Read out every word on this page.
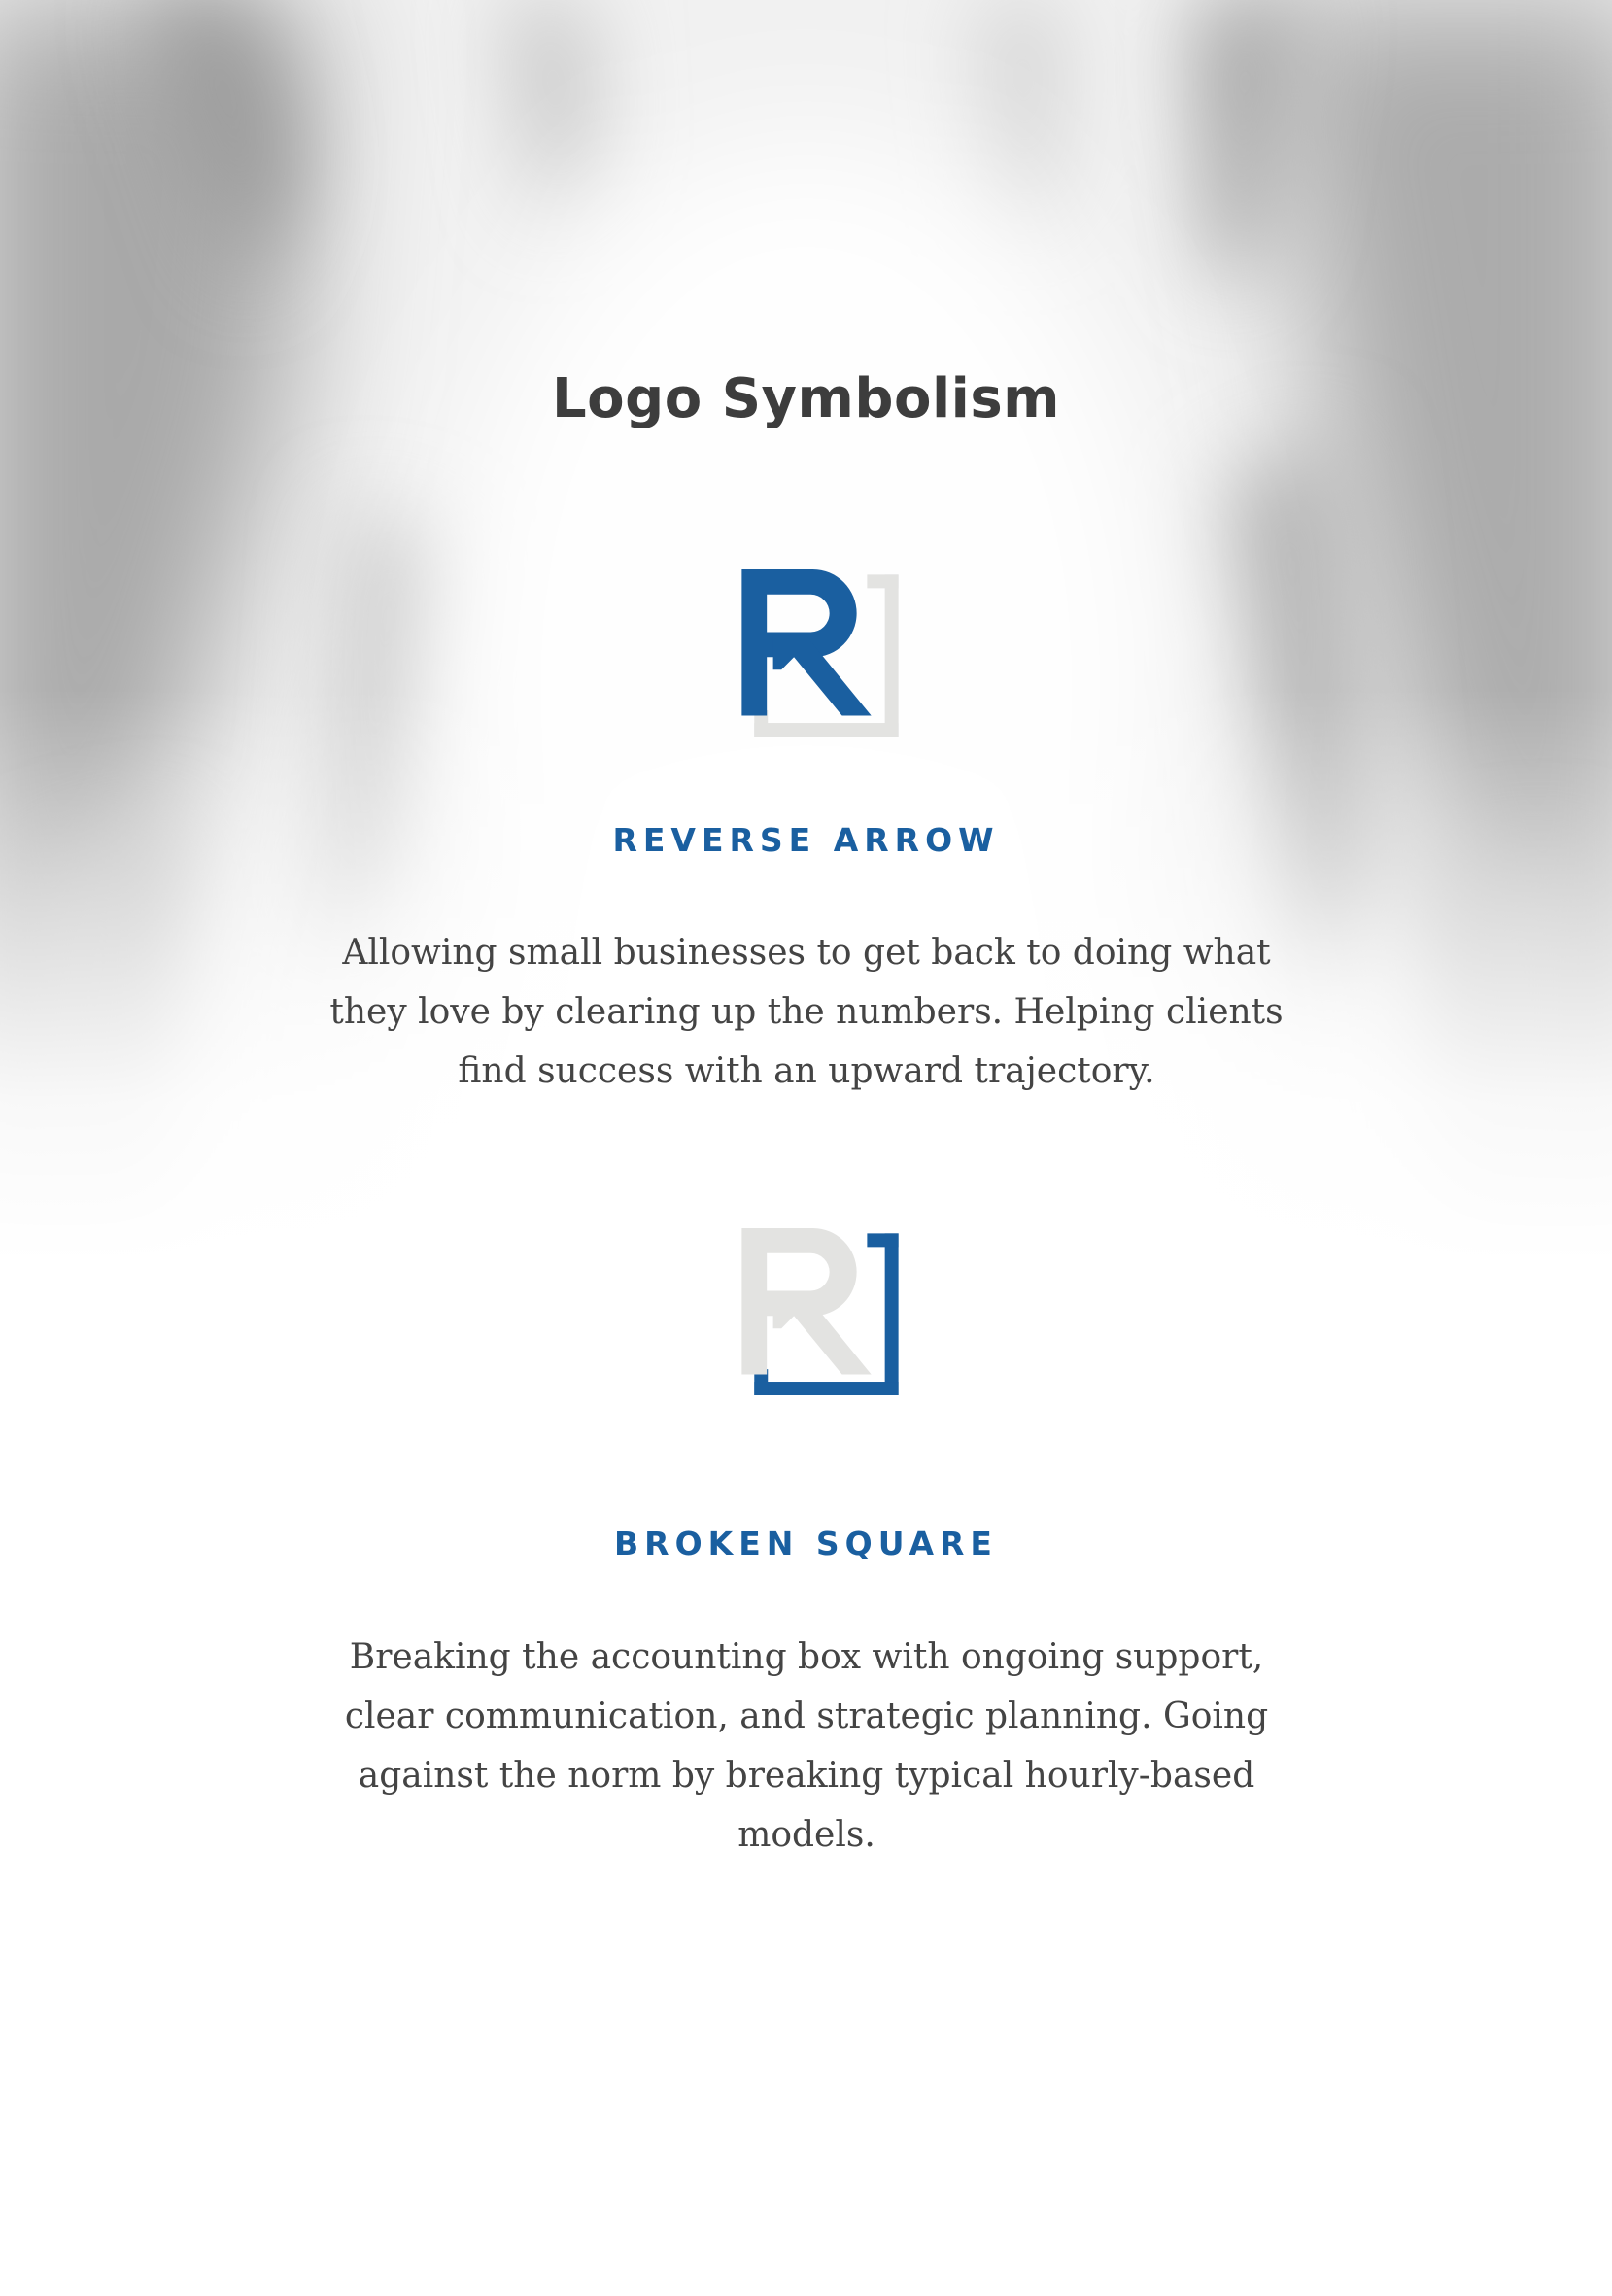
Logo Symbolism
REVERSE ARROW

Allowing small businesses to get back to doing what they love by clearing up the numbers. Helping clients find success with an upward trajectory.

BROKEN SQUARE

Breaking the accounting box with ongoing support, clear communication, and strategic planning. Going against the norm by breaking typical hourly-based models.
